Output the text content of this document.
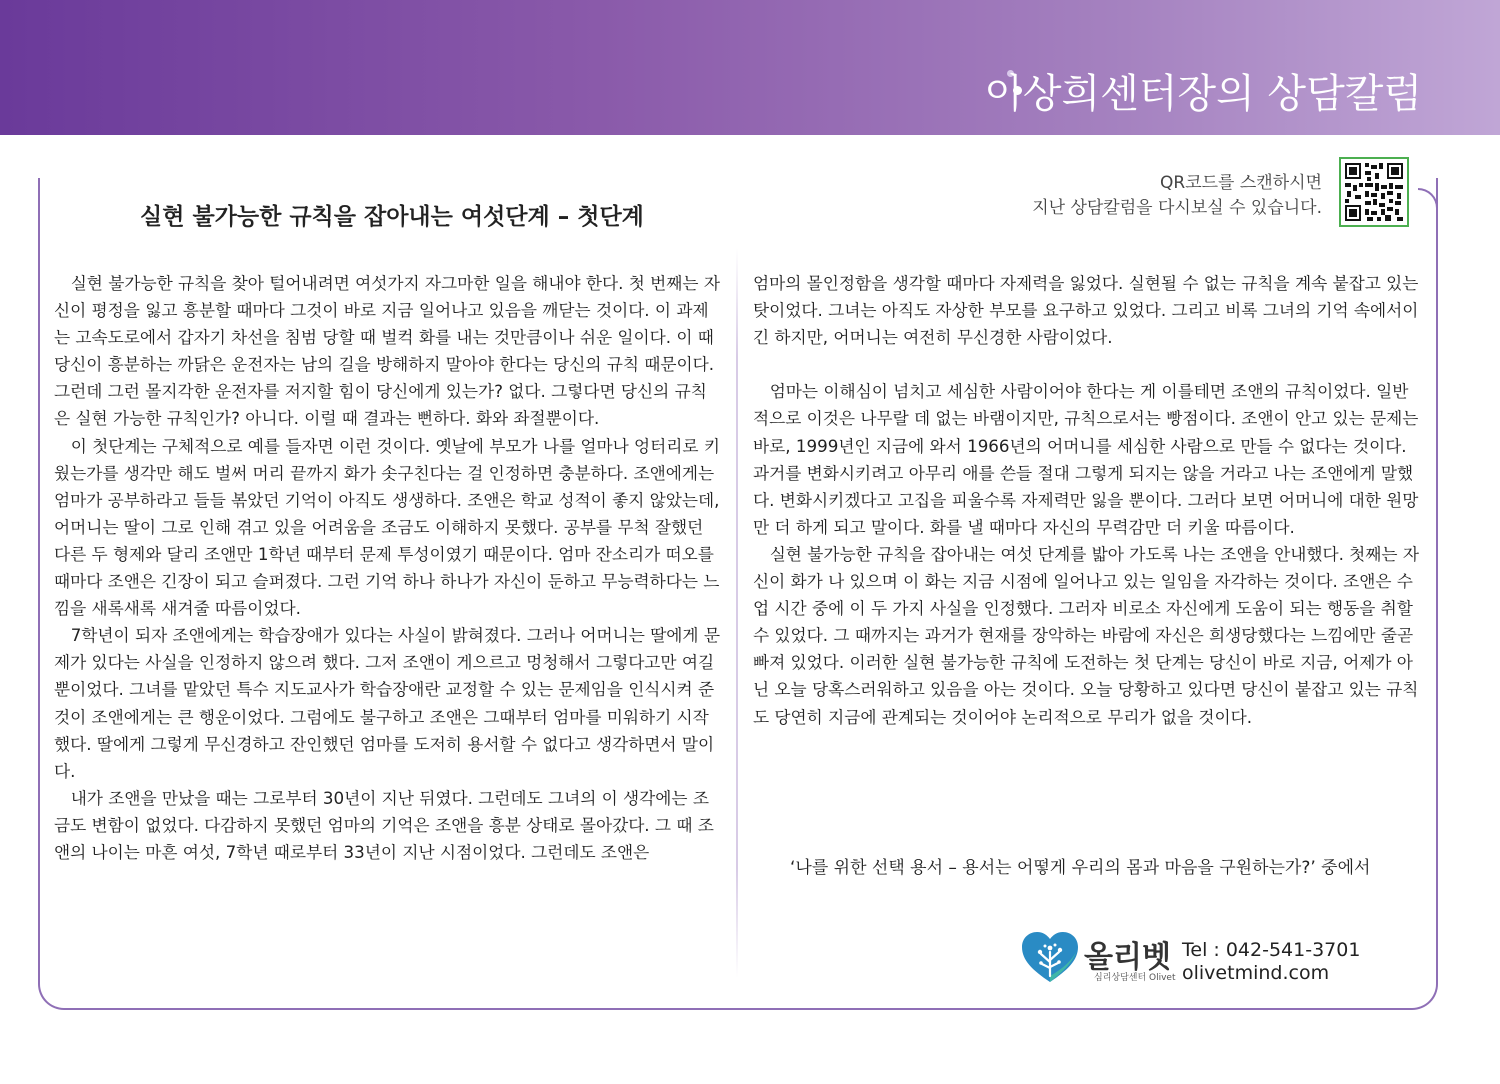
이상희센터장의 상담칼럼
실현 불가능한 규칙을 잡아내는 여섯단계 – 첫단계
QR코드를 스캔하시면
지난 상담칼럼을 다시보실 수 있습니다.

실현 불가능한 규칙을 찾아 털어내려면 여섯가지 자그마한 일을 해내야 한다. 첫 번째는 자신이 평정을 잃고 흥분할 때마다 그것이 바로 지금 일어나고 있음을 깨닫는 것이다. 이 과제는 고속도로에서 갑자기 차선을 침범 당할 때 벌컥 화를 내는 것만큼이나 쉬운 일이다. 이 때 당신이 흥분하는 까닭은 운전자는 남의 길을 방해하지 말아야 한다는 당신의 규칙 때문이다. 그런데 그런 몰지각한 운전자를 저지할 힘이 당신에게 있는가? 없다. 그렇다면 당신의 규칙은 실현 가능한 규칙인가? 아니다. 이럴 때 결과는 뻔하다. 화와 좌절뿐이다.

이 첫단계는 구체적으로 예를 들자면 이런 것이다. 옛날에 부모가 나를 얼마나 엉터리로 키웠는가를 생각만 해도 벌써 머리 끝까지 화가 솟구친다는 걸 인정하면 충분하다. 조앤에게는 엄마가 공부하라고 들들 볶았던 기억이 아직도 생생하다. 조앤은 학교 성적이 좋지 않았는데, 어머니는 딸이 그로 인해 겪고 있을 어려움을 조금도 이해하지 못했다. 공부를 무척 잘했던 다른 두 형제와 달리 조앤만 1학년 때부터 문제 투성이였기 때문이다. 엄마 잔소리가 떠오를 때마다 조앤은 긴장이 되고 슬퍼졌다. 그런 기억 하나 하나가 자신이 둔하고 무능력하다는 느낌을 새록새록 새겨줄 따름이었다.

7학년이 되자 조앤에게는 학습장애가 있다는 사실이 밝혀졌다. 그러나 어머니는 딸에게 문제가 있다는 사실을 인정하지 않으려 했다. 그저 조앤이 게으르고 멍청해서 그렇다고만 여길 뿐이었다. 그녀를 맡았던 특수 지도교사가 학습장애란 교정할 수 있는 문제임을 인식시켜 준 것이 조앤에게는 큰 행운이었다. 그럼에도 불구하고 조앤은 그때부터 엄마를 미워하기 시작했다. 딸에게 그렇게 무신경하고 잔인했던 엄마를 도저히 용서할 수 없다고 생각하면서 말이다.

내가 조앤을 만났을 때는 그로부터 30년이 지난 뒤였다. 그런데도 그녀의 이 생각에는 조금도 변함이 없었다. 다감하지 못했던 엄마의 기억은 조앤을 흥분 상태로 몰아갔다. 그 때 조앤의 나이는 마흔 여섯, 7학년 때로부터 33년이 지난 시점이었다. 그런데도 조앤은

엄마의 몰인정함을 생각할 때마다 자제력을 잃었다. 실현될 수 없는 규칙을 계속 붙잡고 있는 탓이었다. 그녀는 아직도 자상한 부모를 요구하고 있었다. 그리고 비록 그녀의 기억 속에서이긴 하지만, 어머니는 여전히 무신경한 사람이었다.

엄마는 이해심이 넘치고 세심한 사람이어야 한다는 게 이를테면 조앤의 규칙이었다. 일반적으로 이것은 나무랄 데 없는 바램이지만, 규칙으로서는 빵점이다. 조앤이 안고 있는 문제는 바로, 1999년인 지금에 와서 1966년의 어머니를 세심한 사람으로 만들 수 없다는 것이다. 과거를 변화시키려고 아무리 애를 쓴들 절대 그렇게 되지는 않을 거라고 나는 조앤에게 말했다. 변화시키겠다고 고집을 피울수록 자제력만 잃을 뿐이다. 그러다 보면 어머니에 대한 원망만 더 하게 되고 말이다. 화를 낼 때마다 자신의 무력감만 더 키울 따름이다.

실현 불가능한 규칙을 잡아내는 여섯 단계를 밟아 가도록 나는 조앤을 안내했다. 첫째는 자신이 화가 나 있으며 이 화는 지금 시점에 일어나고 있는 일임을 자각하는 것이다. 조앤은 수업 시간 중에 이 두 가지 사실을 인정했다. 그러자 비로소 자신에게 도움이 되는 행동을 취할 수 있었다. 그 때까지는 과거가 현재를 장악하는 바람에 자신은 희생당했다는 느낌에만 줄곧 빠져 있었다. 이러한 실현 불가능한 규칙에 도전하는 첫 단계는 당신이 바로 지금, 어제가 아닌 오늘 당혹스러워하고 있음을 아는 것이다. 오늘 당황하고 있다면 당신이 붙잡고 있는 규칙도 당연히 지금에 관계되는 것이어야 논리적으로 무리가 없을 것이다.

‘나를 위한 선택 용서 – 용서는 어떻게 우리의 몸과 마음을 구원하는가?’ 중에서
올리벳
심리상담센터 Olivet
Tel : 042-541-3701
olivetmind.com
